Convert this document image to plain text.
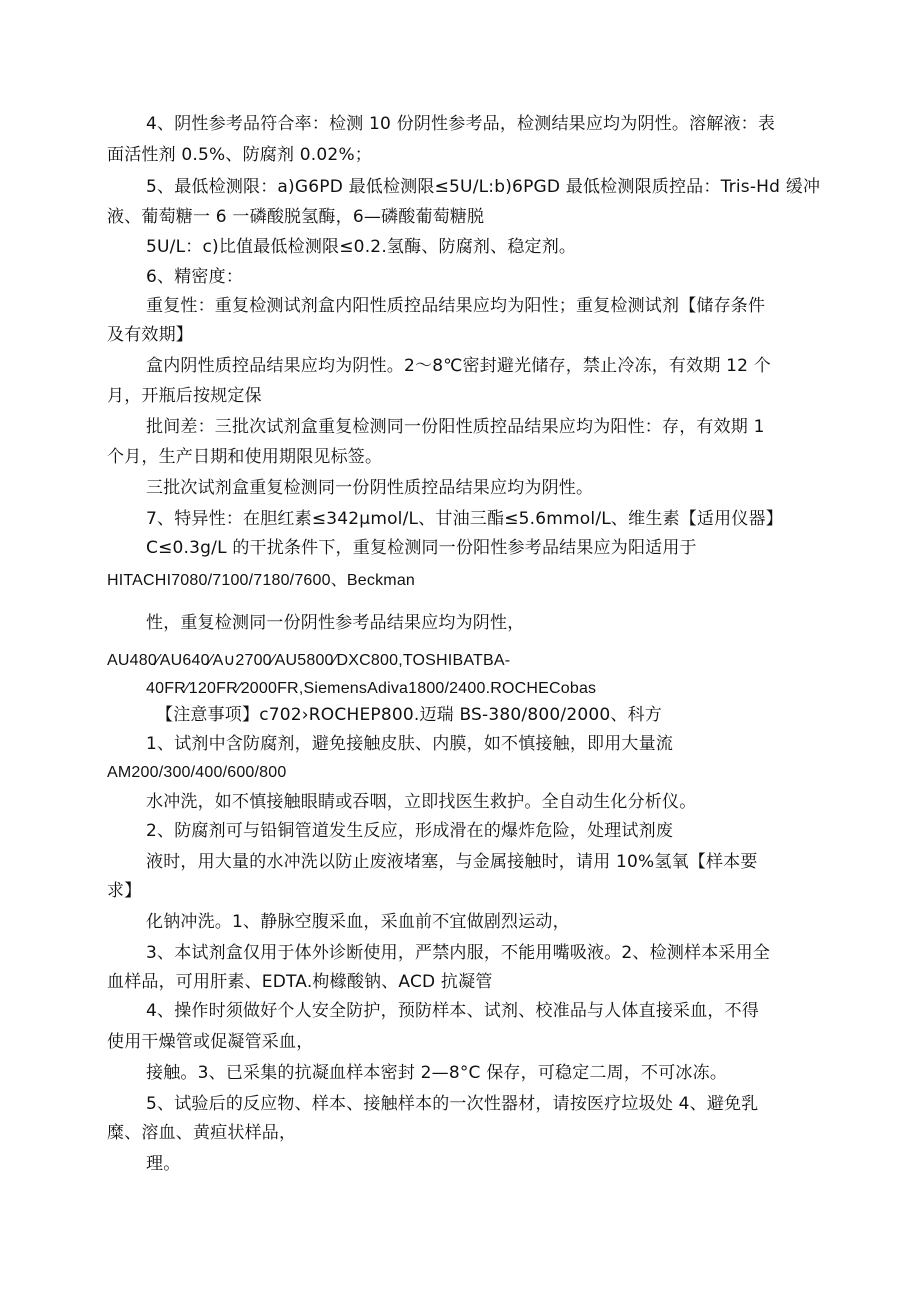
4、阴性参考品符合率：检测 10 份阴性参考品，检测结果应均为阴性。溶解液：表
面活性剂 0.5%、防腐剂 0.02%；
5、最低检测限：a)G6PD 最低检测限≤5U/L:b)6PGD 最低检测限质控品：Tris-Hd 缓冲
液、葡萄糖一 6 一磷酸脱氢酶，6—磷酸葡萄糖脱
5U/L：c)比值最低检测限≤0.2.氢酶、防腐剂、稳定剂。
6、精密度：
重复性：重复检测试剂盒内阳性质控品结果应均为阳性；重复检测试剂【储存条件
及有效期】
盒内阴性质控品结果应均为阴性。2～8℃密封避光储存，禁止冷冻，有效期 12 个
月，开瓶后按规定保
批间差：三批次试剂盒重复检测同一份阳性质控品结果应均为阳性：存，有效期 1
个月，生产日期和使用期限见标签。
三批次试剂盒重复检测同一份阴性质控品结果应均为阴性。
7、特异性：在胆红素≤342μmol/L、甘油三酯≤5.6mmol/L、维生素【适用仪器】
C≤0.3g/L 的干扰条件下，重复检测同一份阳性参考品结果应为阳适用于
HITACHI7080/7100/7180/7600、Beckman
性，重复检测同一份阴性参考品结果应均为阴性，
AU480⁄AU640⁄A∪2700⁄AU5800⁄DXC800,TOSHIBATBA-
40FR⁄120FR⁄2000FR,SiemensAdiva1800/2400.ROCHECobas
【注意事项】c702›ROCHEP800.迈瑞 BS-380/800/2000、科方
1、试剂中含防腐剂，避免接触皮肤、内膜，如不慎接触，即用大量流
AM200/300/400/600/800
水冲洗，如不慎接触眼睛或吞咽，立即找医生救护。全自动生化分析仪。
2、防腐剂可与铅铜管道发生反应，形成滑在的爆炸危险，处理试剂废
液时，用大量的水冲洗以防止废液堵塞，与金属接触时，请用 10%氢氧【样本要
求】
化钠冲洗。1、静脉空腹采血，采血前不宜做剧烈运动，
3、本试剂盒仅用于体外诊断使用，严禁内服，不能用嘴吸液。2、检测样本采用全
血样品，可用肝素、EDTA.枸橼酸钠、ACD 抗凝管
4、操作时须做好个人安全防护，预防样本、试剂、校准品与人体直接采血，不得
使用干燥管或促凝管采血，
接触。3、已采集的抗凝血样本密封 2—8°C 保存，可稳定二周，不可冰冻。
5、试验后的反应物、样本、接触样本的一次性器材，请按医疗垃圾处 4、避免乳
糜、溶血、黄疸状样品，
理。
